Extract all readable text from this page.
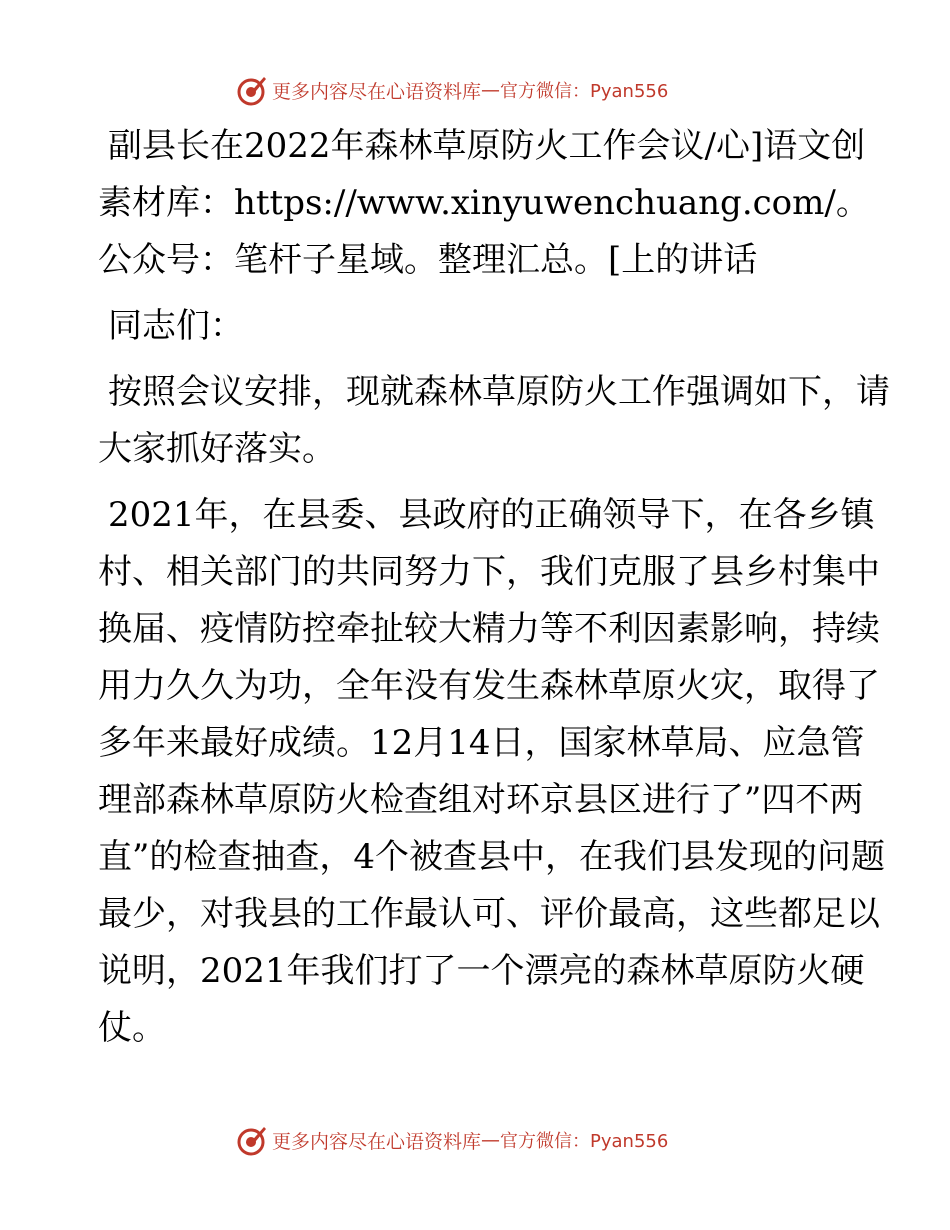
更多内容尽在心语资料库 — 官方微信：Pyan556

副县长在2022年森林草原防火工作会议/心]语文创素材库：https://www.xinyuwenchuang.com/。公众号：笔杆子星域。整理汇总。[上的讲话

同志们：

按照会议安排，现就森林草原防火工作强调如下，请大家抓好落实。

2021年，在县委、县政府的正确领导下，在各乡镇村、相关部门的共同努力下，我们克服了县乡村集中换届、疫情防控牵扯较大精力等不利因素影响，持续用力久久为功，全年没有发生森林草原火灾，取得了多年来最好成绩。12月14日，国家林草局、应急管理部森林草原防火检查组对环京县区进行了”四不两直”的检查抽查，4个被查县中，在我们县发现的问题最少，对我县的工作最认可、评价最高，这些都足以说明，2021年我们打了一个漂亮的森林草原防火硬仗。

更多内容尽在心语资料库 — 官方微信：Pyan556
